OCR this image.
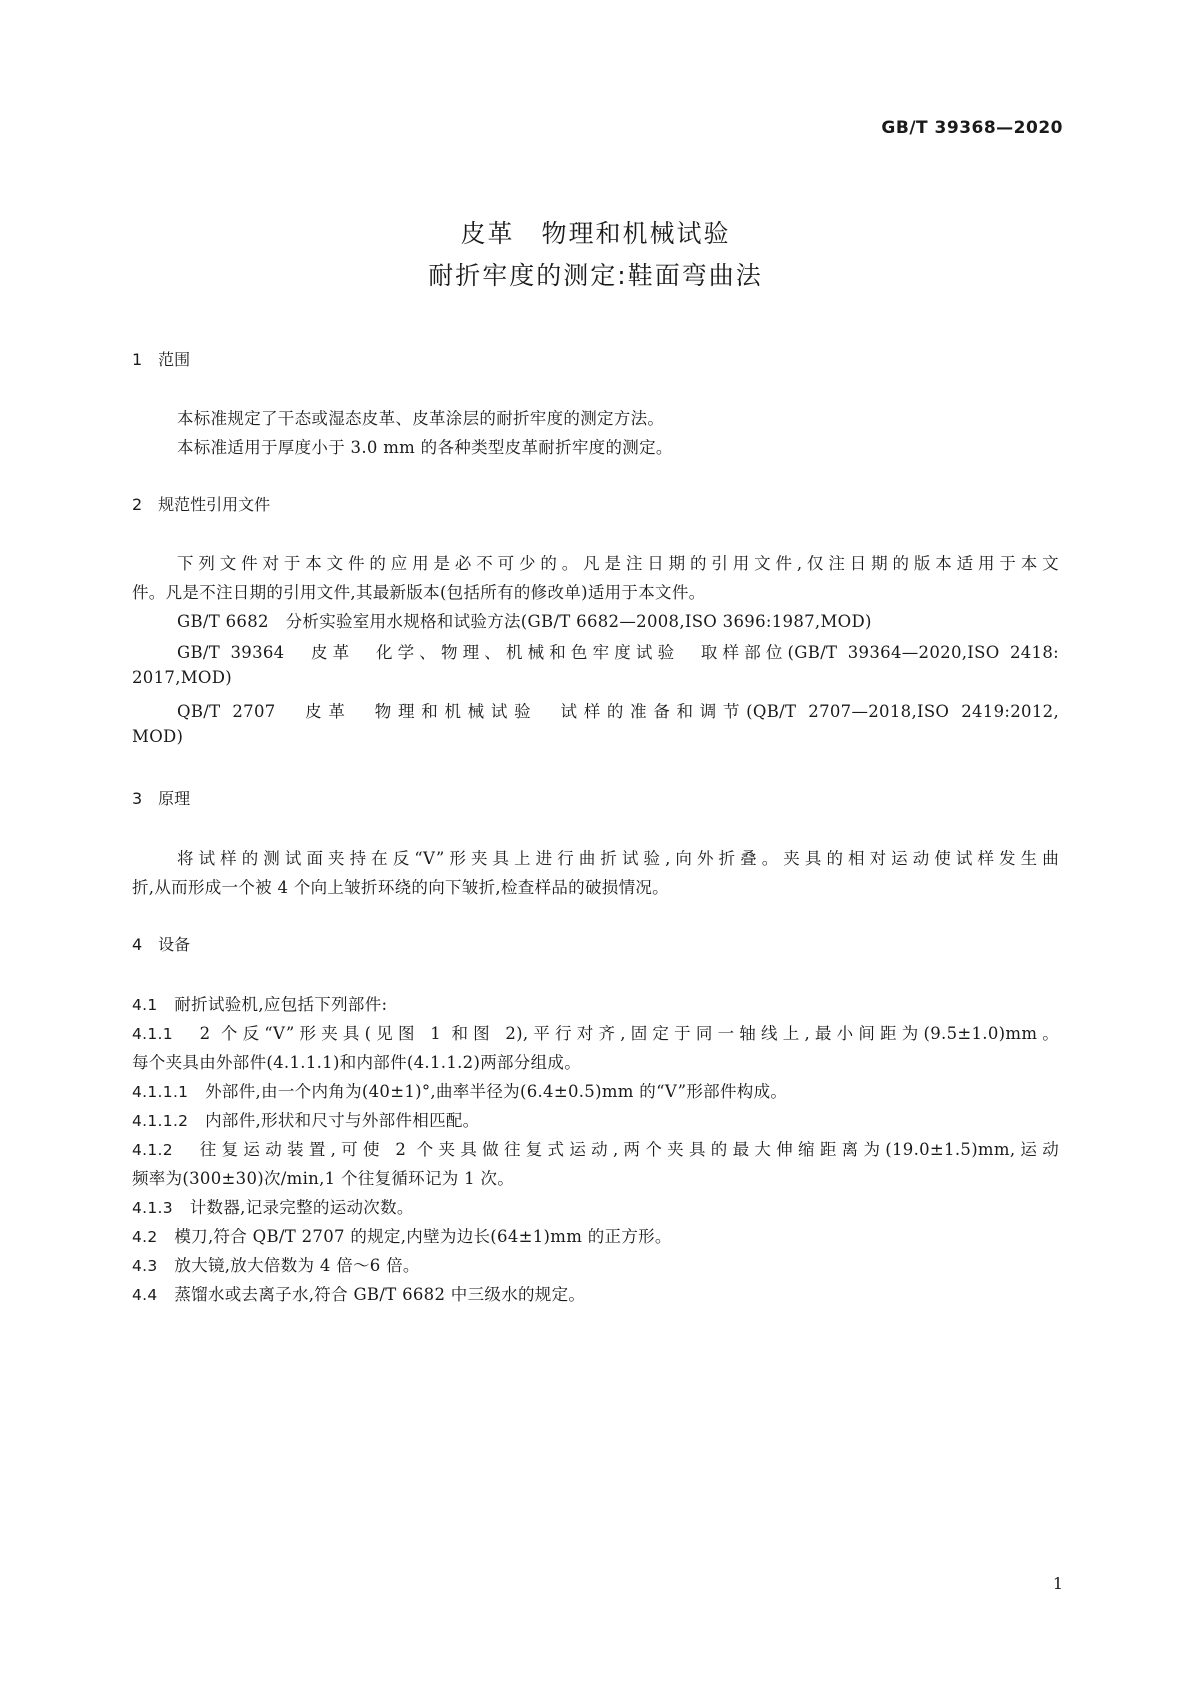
GB/T 39368—2020
皮革　物理和机械试验
耐折牢度的测定:鞋面弯曲法
1　范围
本标准规定了干态或湿态皮革、皮革涂层的耐折牢度的测定方法。
本标准适用于厚度小于 3.0 mm 的各种类型皮革耐折牢度的测定。
2　规范性引用文件
下列文件对于本文件的应用是必不可少的。凡是注日期的引用文件,仅注日期的版本适用于本文
件。凡是不注日期的引用文件,其最新版本(包括所有的修改单)适用于本文件。
GB/T 6682　分析实验室用水规格和试验方法(GB/T 6682—2008,ISO 3696:1987,MOD)
GB/T 39364　皮革　化学、物理、机械和色牢度试验　取样部位(GB/T 39364—2020,ISO 2418:
2017,MOD)
QB/T 2707　皮革　物理和机械试验　试样的准备和调节(QB/T 2707—2018,ISO 2419:2012,
MOD)
3　原理
将试样的测试面夹持在反“V”形夹具上进行曲折试验,向外折叠。夹具的相对运动使试样发生曲
折,从而形成一个被 4 个向上皱折环绕的向下皱折,检查样品的破损情况。
4　设备
4.1　耐折试验机,应包括下列部件:
4.1.1　2 个反“V”形夹具(见图 1 和图 2),平行对齐,固定于同一轴线上,最小间距为(9.5±1.0)mm。
每个夹具由外部件(4.1.1.1)和内部件(4.1.1.2)两部分组成。
4.1.1.1　外部件,由一个内角为(40±1)°,曲率半径为(6.4±0.5)mm 的“V”形部件构成。
4.1.1.2　内部件,形状和尺寸与外部件相匹配。
4.1.2　往复运动装置,可使 2 个夹具做往复式运动,两个夹具的最大伸缩距离为(19.0±1.5)mm,运动
频率为(300±30)次/min,1 个往复循环记为 1 次。
4.1.3　计数器,记录完整的运动次数。
4.2　模刀,符合 QB/T 2707 的规定,内壁为边长(64±1)mm 的正方形。
4.3　放大镜,放大倍数为 4 倍～6 倍。
4.4　蒸馏水或去离子水,符合 GB/T 6682 中三级水的规定。
1
